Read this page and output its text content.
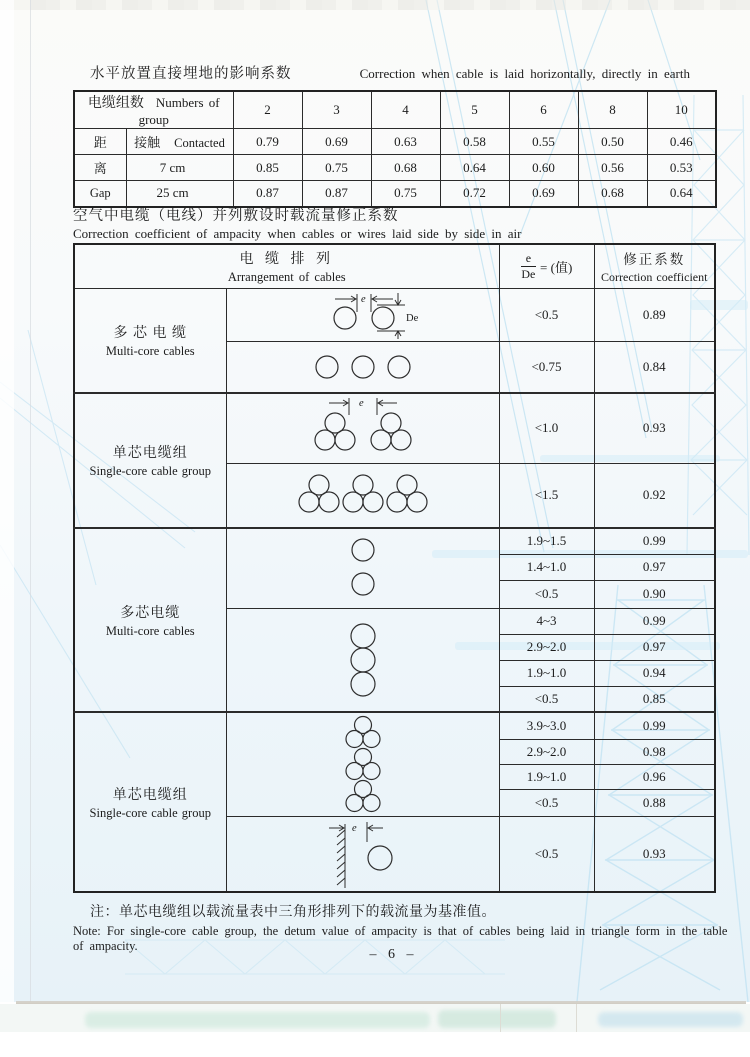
水平放置直接埋地的影响系数	Correction when cable is laid horizontally, directly in earth
电缆组数 Numbers of group		2	3	4	5	6	8	10
距	接触 Contacted	0.79	0.69	0.63	0.58	0.55	0.50	0.46
离	7 cm	0.85	0.75	0.68	0.64	0.60	0.56	0.53
Gap	25 cm	0.87	0.87	0.75	0.72	0.69	0.68	0.64
空气中电缆（电线）并列敷设时载流量修正系数
Correction coefficient of ampacity when cables or wires laid side by side in air
电 缆 排 列
Arrangement of cables	$\frac{e}{De}$ = (值)	
修正系数
Correction coefficient

多 芯 电 缆
Multi-core cables

e
De	<0.5	0.89

	<0.75	0.84

单芯电缆组
Single-core cable group	e	<1.0	0.93

	<1.5	0.92

多芯电缆
Multi-core cables		1.9~1.5	0.99
		1.4~1.0	0.97
		<0.5	0.90

	4~3	0.99
		2.9~2.0	0.97
		1.9~1.0	0.94
		<0.5	0.85

单芯电缆组
Single-core cable group		3.9~3.0	0.99
		2.9~2.0	0.98
		1.9~1.0	0.96
		<0.5	0.88

e	<0.5	0.93
注：单芯电缆组以载流量表中三角形排列下的载流量为基准值。
Note: For single-core cable group, the detum value of ampacity is that of cables being laid in triangle form in the table of ampacity.
– 6 –
